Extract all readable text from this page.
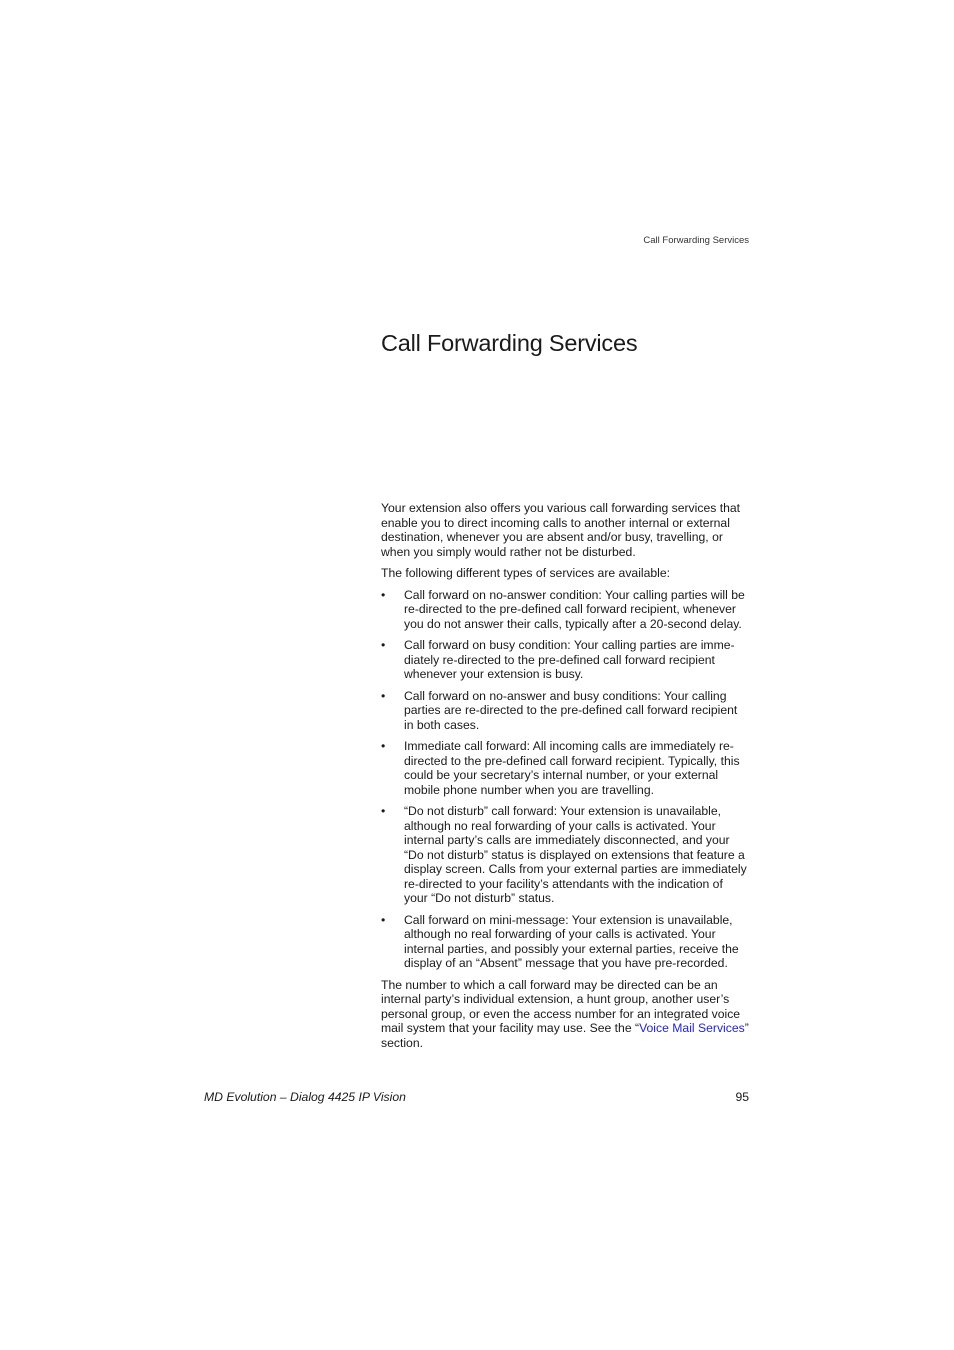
Call Forwarding Services
Call Forwarding Services

Your extension also offers you various call forwarding services that enable you to direct incoming calls to another internal or external destination, whenever you are absent and/or busy, travelling, or when you simply would rather not be disturbed.

The following different types of services are available:

• Call forward on no-answer condition: Your calling parties will be re-directed to the pre-defined call forward recipient, whenever you do not answer their calls, typically after a 20-second delay.
• Call forward on busy condition: Your calling parties are imme-diately re-directed to the pre-defined call forward recipient whenever your extension is busy.
• Call forward on no-answer and busy conditions: Your calling parties are re-directed to the pre-defined call forward recipient in both cases.
• Immediate call forward: All incoming calls are immediately re-directed to the pre-defined call forward recipient. Typically, this could be your secretary’s internal number, or your external mobile phone number when you are travelling.
• “Do not disturb” call forward: Your extension is unavailable, although no real forwarding of your calls is activated. Your internal party’s calls are immediately disconnected, and your “Do not disturb” status is displayed on extensions that feature a display screen. Calls from your external parties are immediately re-directed to your facility’s attendants with the indication of your “Do not disturb” status.
• Call forward on mini-message: Your extension is unavailable, although no real forwarding of your calls is activated. Your internal parties, and possibly your external parties, receive the display of an “Absent” message that you have pre-recorded.

The number to which a call forward may be directed can be an internal party’s individual extension, a hunt group, another user’s personal group, or even the access number for an integrated voice mail system that your facility may use. See the “Voice Mail Services” section.

MD Evolution – Dialog 4425 IP Vision	95
